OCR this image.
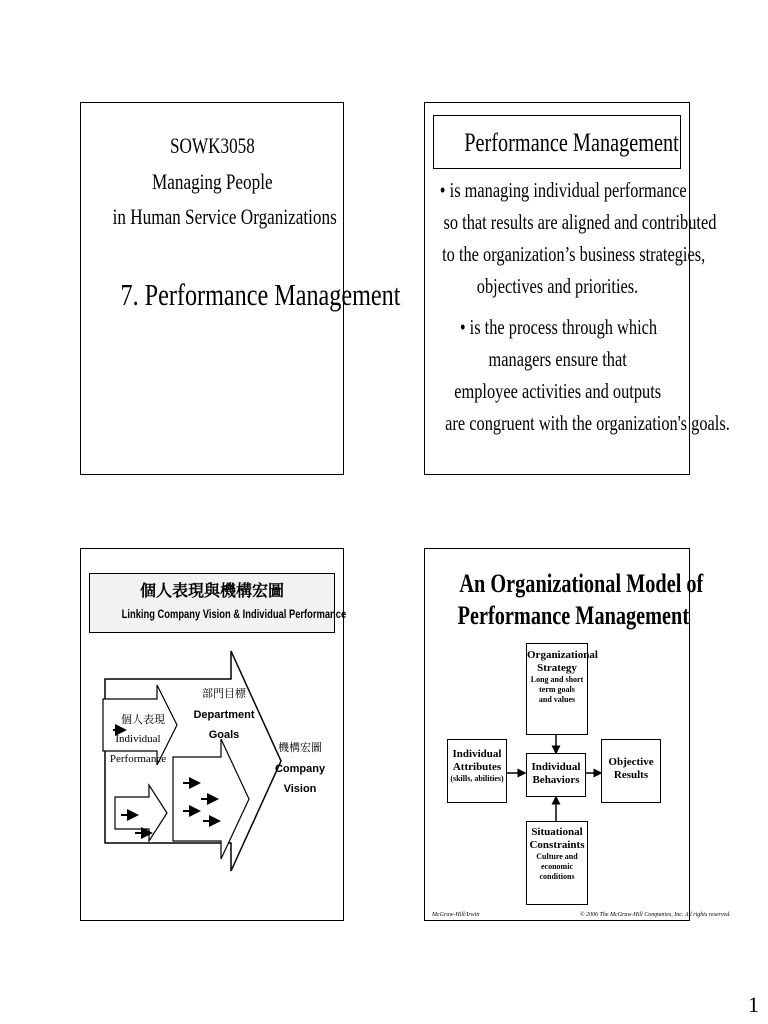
SOWK3058
Managing People
in Human Service Organizations
7. Performance Management
Performance Management
• is managing individual performance
so that results are aligned and contributed
to the organization’s business strategies,
objectives and priorities.
• is the process through which
managers ensure that
employee activities and outputs
are congruent with the organization's goals.
個人表現與機構宏圖
Linking Company Vision & Individual Performance
個人表現
Individual
Performance
部門目標
Department
Goals
機構宏圖
Company
Vision
An Organizational Model of
Performance Management
Organizational
Strategy
Long and short
term goals
and values
Individual
Attributes
(skills, abilities)
Individual
Behaviors
Objective
Results
Situational
Constraints
Culture and
economic
conditions
McGraw-Hill/Irwin	© 2006 The McGraw-Hill Companies, Inc. All rights reserved.
1
